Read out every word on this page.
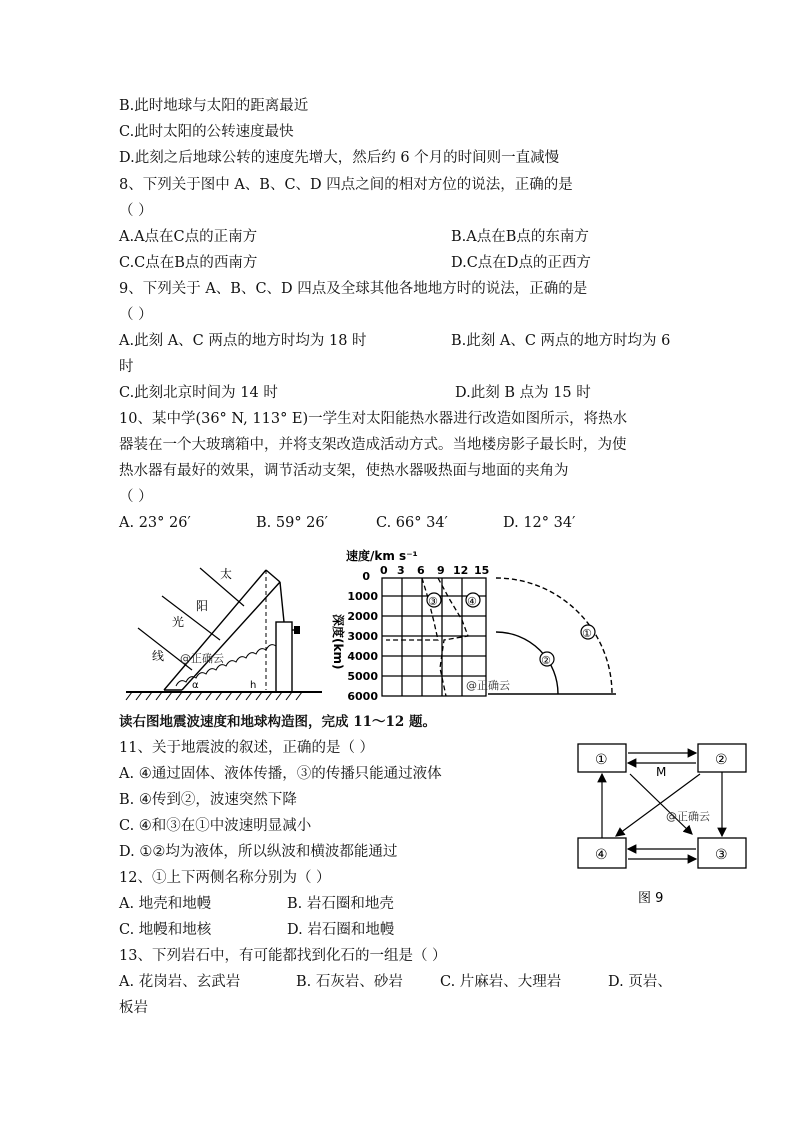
B.此时地球与太阳的距离最近
C.此时太阳的公转速度最快
D.此刻之后地球公转的速度先增大，然后约 6 个月的时间则一直减慢
8、下列关于图中 A、B、C、D 四点之间的相对方位的说法，正确的是
（ ）
A.A点在C点的正南方	B.A点在B点的东南方
C.C点在B点的西南方	D.C点在D点的正西方
9、下列关于 A、B、C、D 四点及全球其他各地地方时的说法，正确的是
（ ）
A.此刻 A、C 两点的地方时均为 18 时	B.此刻 A、C 两点的地方时均为 6
时
C.此刻北京时间为 14 时	D.此刻 B 点为 15 时
10、某中学(36° N, 113° E)一学生对太阳能热水器进行改造如图所示，将热水
器装在一个大玻璃箱中，并将支架改造成活动方式。当地楼房影子最长时，为使
热水器有最好的效果，调节活动支架，使热水器吸热面与地面的夹角为
（ ）
A. 23° 26′	B. 59° 26′	C. 66° 34′	D. 12° 34′
太
阳
光
线
α	h
@正确云
速度/km s⁻¹
0 3 6 9 12 15
0
1000
2000
3000
4000
5000
6000
深度(km)
③	④
①
②
@正确云
读右图地震波速度和地球构造图，完成 11～12 题。
11、关于地震波的叙述，正确的是（ ）
A. ④通过固体、液体传播，③的传播只能通过液体
B. ④传到②，波速突然下降
C. ④和③在①中波速明显减小
D. ①②均为液体，所以纵波和横波都能通过
12、①上下两侧名称分别为（ ）
A. 地壳和地幔	B. 岩石圈和地壳
C. 地幔和地核	D. 岩石圈和地幔
13、下列岩石中，有可能都找到化石的一组是（ ）
A. 花岗岩、玄武岩	B. 石灰岩、砂岩	C. 片麻岩、大理岩	D. 页岩、
板岩
①	②
③
④
M
@正确云
图 9
